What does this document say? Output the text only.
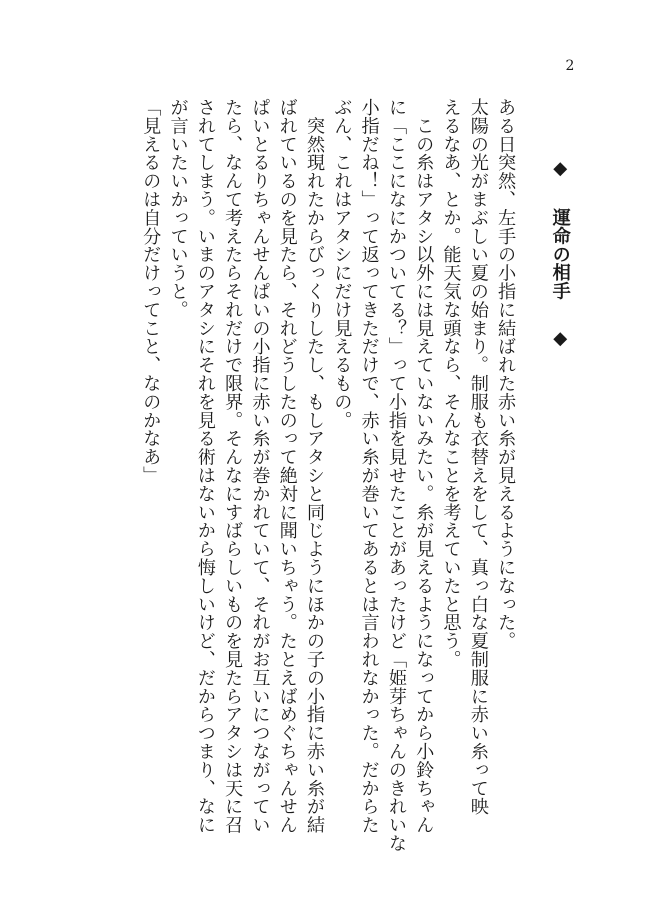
2
◆ 運命の相手 ◆
ある日突然、左手の小指に結ばれた赤い糸が見えるようになった。
太陽の光がまぶしい夏の始まり。制服も衣替えをして、真っ白な夏制服に赤い糸って映
えるなあ、とか。能天気な頭なら、そんなことを考えていたと思う。
　この糸はアタシ以外には見えていないみたい。糸が見えるようになってから小鈴ちゃん
に「ここになにかついてる？」って小指を見せたことがあったけど「姫芽ちゃんのきれいな
小指だね！」って返ってきただけで、赤い糸が巻いてあるとは言われなかった。だからた
ぶん、これはアタシにだけ見えるもの。
　突然現れたからびっくりしたし、もしアタシと同じようにほかの子の小指に赤い糸が結
ばれているのを見たら、それどうしたのって絶対に聞いちゃう。たとえばめぐちゃんせん
ぱいとるりちゃんせんぱいの小指に赤い糸が巻かれていて、それがお互いにつながってい
たら、なんて考えたらそれだけで限界。そんなにすばらしいものを見たらアタシは天に召
されてしまう。いまのアタシにそれを見る術はないから悔しいけど、だからつまり、なに
が言いたいかっていうと。
「見えるのは自分だけってこと、なのかなあ」
